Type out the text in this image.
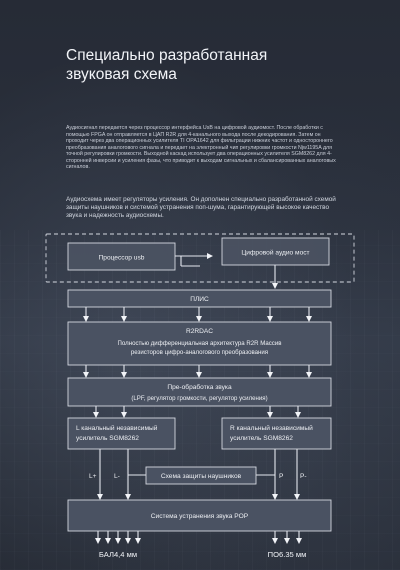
Специально разработанная
звуковая схема

Аудиосигнал передается через процессор интерфейса UsB на цифровой аудиомост. После обработки с помощью FPGA он отправляется в ЦАП R2R для 4-канального выхода после декодирования. Затем он проходит через два операционных усилителя TI OPA1642 для фильтрации нижних частот и одностороннего преобразования аналогового сигнала и передает на электронный чип регулировки громкости Njw1195A для точной регулировки громкости. Выходной каскад использует два операционных усилителя SGM8262 для 4-сторонней инверсии и усиления фазы, что приводит к выходам сигнальных и сбалансированных аналоговых сигналов.

Аудиосхема имеет регуляторы усиления. Он дополнен специально разработанной схемой защиты наушников и системой устранения поп-шума, гарантирующей высокое качество звука и надежность аудиосхемы.

Процессор usb
Цифровой аудио мост
ПЛИС
R2RDAC
Полностью дифференциальная архитектура R2R Массив
резисторов цифро-аналогового преобразования
Пре-обработка звука
(LPF, регулятор громкости, регулятор усиления)
L канальный независимый
усилитель SGM8262
R канальный независимый
усилитель SGM8262
L+	L-	P	P-
Схема защиты наушников
Система устранения звука POP
БАЛ4,4 мм	ПО6.35 мм
